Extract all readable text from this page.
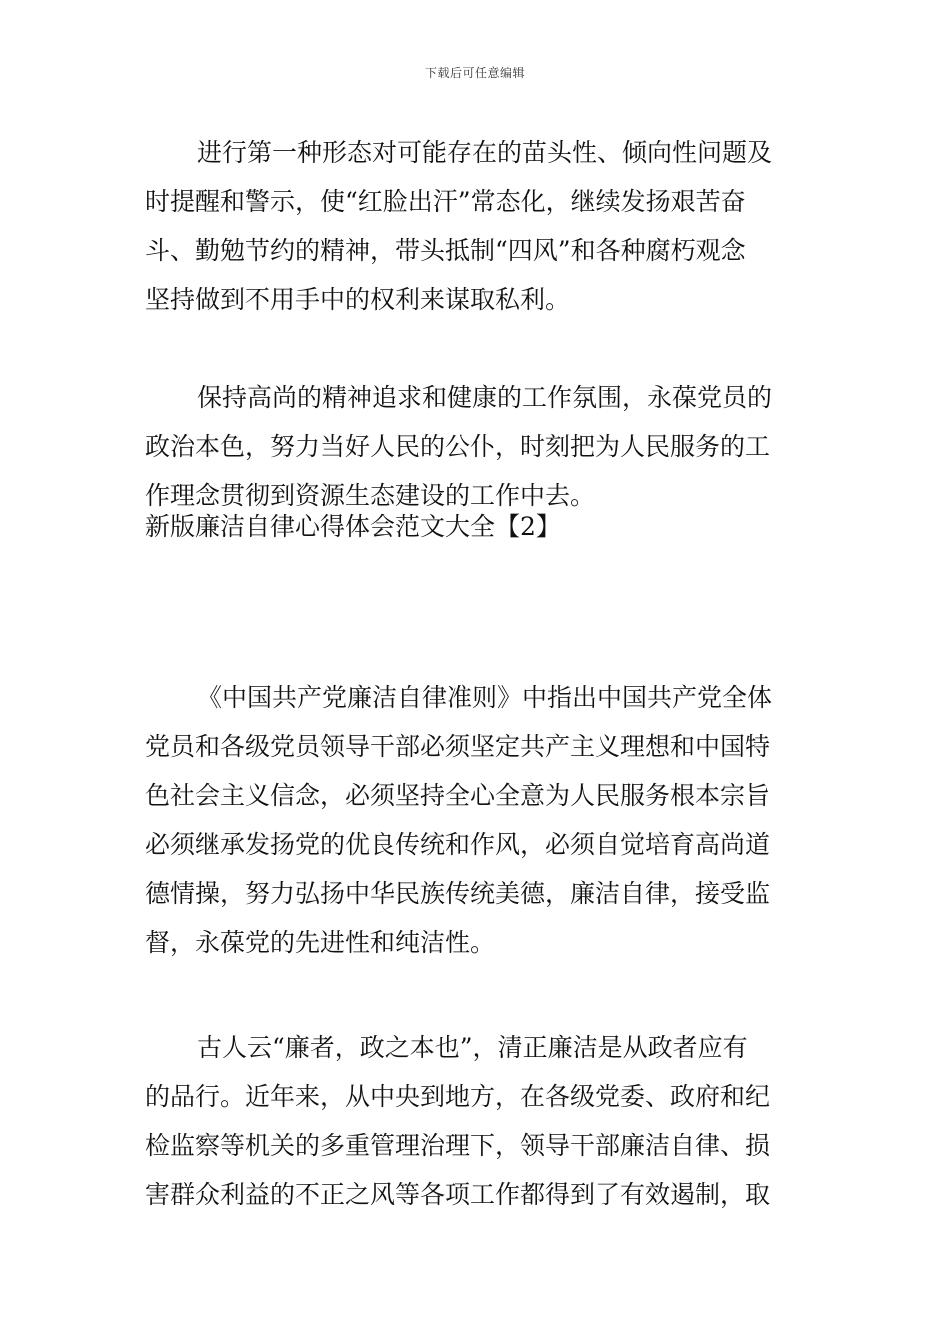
下载后可任意编辑

进行第一种形态对可能存在的苗头性、倾向性问题及
时提醒和警示，使“红脸出汗”常态化，继续发扬艰苦奋
斗、勤勉节约的精神，带头抵制“四风”和各种腐朽观念
坚持做到不用手中的权利来谋取私利。

保持高尚的精神追求和健康的工作氛围，永葆党员的
政治本色，努力当好人民的公仆，时刻把为人民服务的工
作理念贯彻到资源生态建设的工作中去。

新版廉洁自律心得体会范文大全【2】

《中国共产党廉洁自律准则》中指出中国共产党全体
党员和各级党员领导干部必须坚定共产主义理想和中国特
色社会主义信念，必须坚持全心全意为人民服务根本宗旨
必须继承发扬党的优良传统和作风，必须自觉培育高尚道
德情操，努力弘扬中华民族传统美德，廉洁自律，接受监
督，永葆党的先进性和纯洁性。

古人云“廉者，政之本也”，清正廉洁是从政者应有
的品行。近年来，从中央到地方，在各级党委、政府和纪
检监察等机关的多重管理治理下，领导干部廉洁自律、损
害群众利益的不正之风等各项工作都得到了有效遏制，取
